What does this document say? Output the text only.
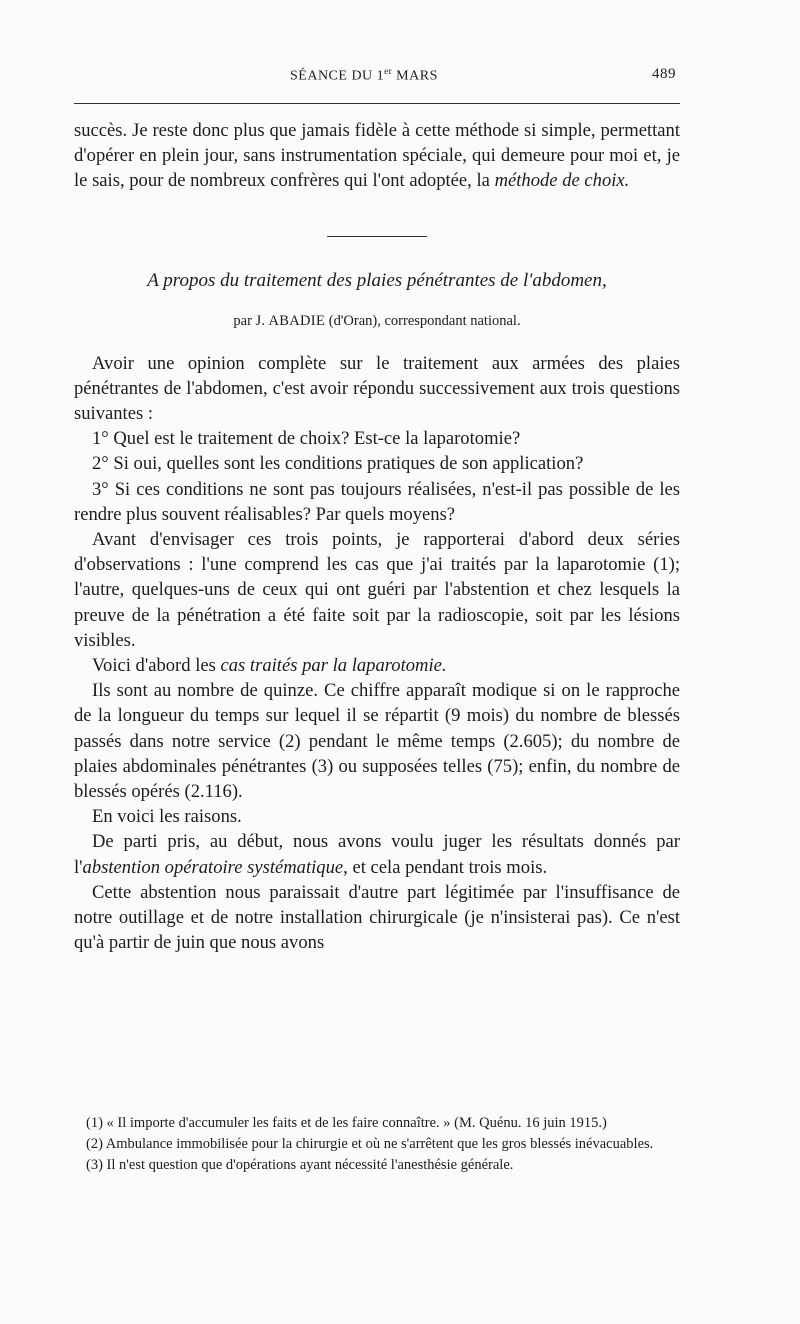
SÉANCE DU 1er MARS	489

succès. Je reste donc plus que jamais fidèle à cette méthode si simple, permettant d'opérer en plein jour, sans instrumentation spéciale, qui demeure pour moi et, je le sais, pour de nombreux confrères qui l'ont adoptée, la méthode de choix.

A propos du traitement des plaies pénétrantes de l'abdomen,

par J. ABADIE (d'Oran), correspondant national.

Avoir une opinion complète sur le traitement aux armées des plaies pénétrantes de l'abdomen, c'est avoir répondu successivement aux trois questions suivantes :

1° Quel est le traitement de choix? Est-ce la laparotomie?

2° Si oui, quelles sont les conditions pratiques de son application?

3° Si ces conditions ne sont pas toujours réalisées, n'est-il pas possible de les rendre plus souvent réalisables? Par quels moyens?

Avant d'envisager ces trois points, je rapporterai d'abord deux séries d'observations : l'une comprend les cas que j'ai traités par la laparotomie (1); l'autre, quelques-uns de ceux qui ont guéri par l'abstention et chez lesquels la preuve de la pénétration a été faite soit par la radioscopie, soit par les lésions visibles.

Voici d'abord les cas traités par la laparotomie.

Ils sont au nombre de quinze. Ce chiffre apparaît modique si on le rapproche de la longueur du temps sur lequel il se répartit (9 mois) du nombre de blessés passés dans notre service (2) pendant le même temps (2.605); du nombre de plaies abdominales pénétrantes (3) ou supposées telles (75); enfin, du nombre de blessés opérés (2.116).

En voici les raisons.

De parti pris, au début, nous avons voulu juger les résultats donnés par l'abstention opératoire systématique, et cela pendant trois mois.

Cette abstention nous paraissait d'autre part légitimée par l'insuffisance de notre outillage et de notre installation chirurgicale (je n'insisterai pas). Ce n'est qu'à partir de juin que nous avons

(1) « Il importe d'accumuler les faits et de les faire connaître. » (M. Quénu. 16 juin 1915.)

(2) Ambulance immobilisée pour la chirurgie et où ne s'arrêtent que les gros blessés inévacuables.

(3) Il n'est question que d'opérations ayant nécessité l'anesthésie générale.
